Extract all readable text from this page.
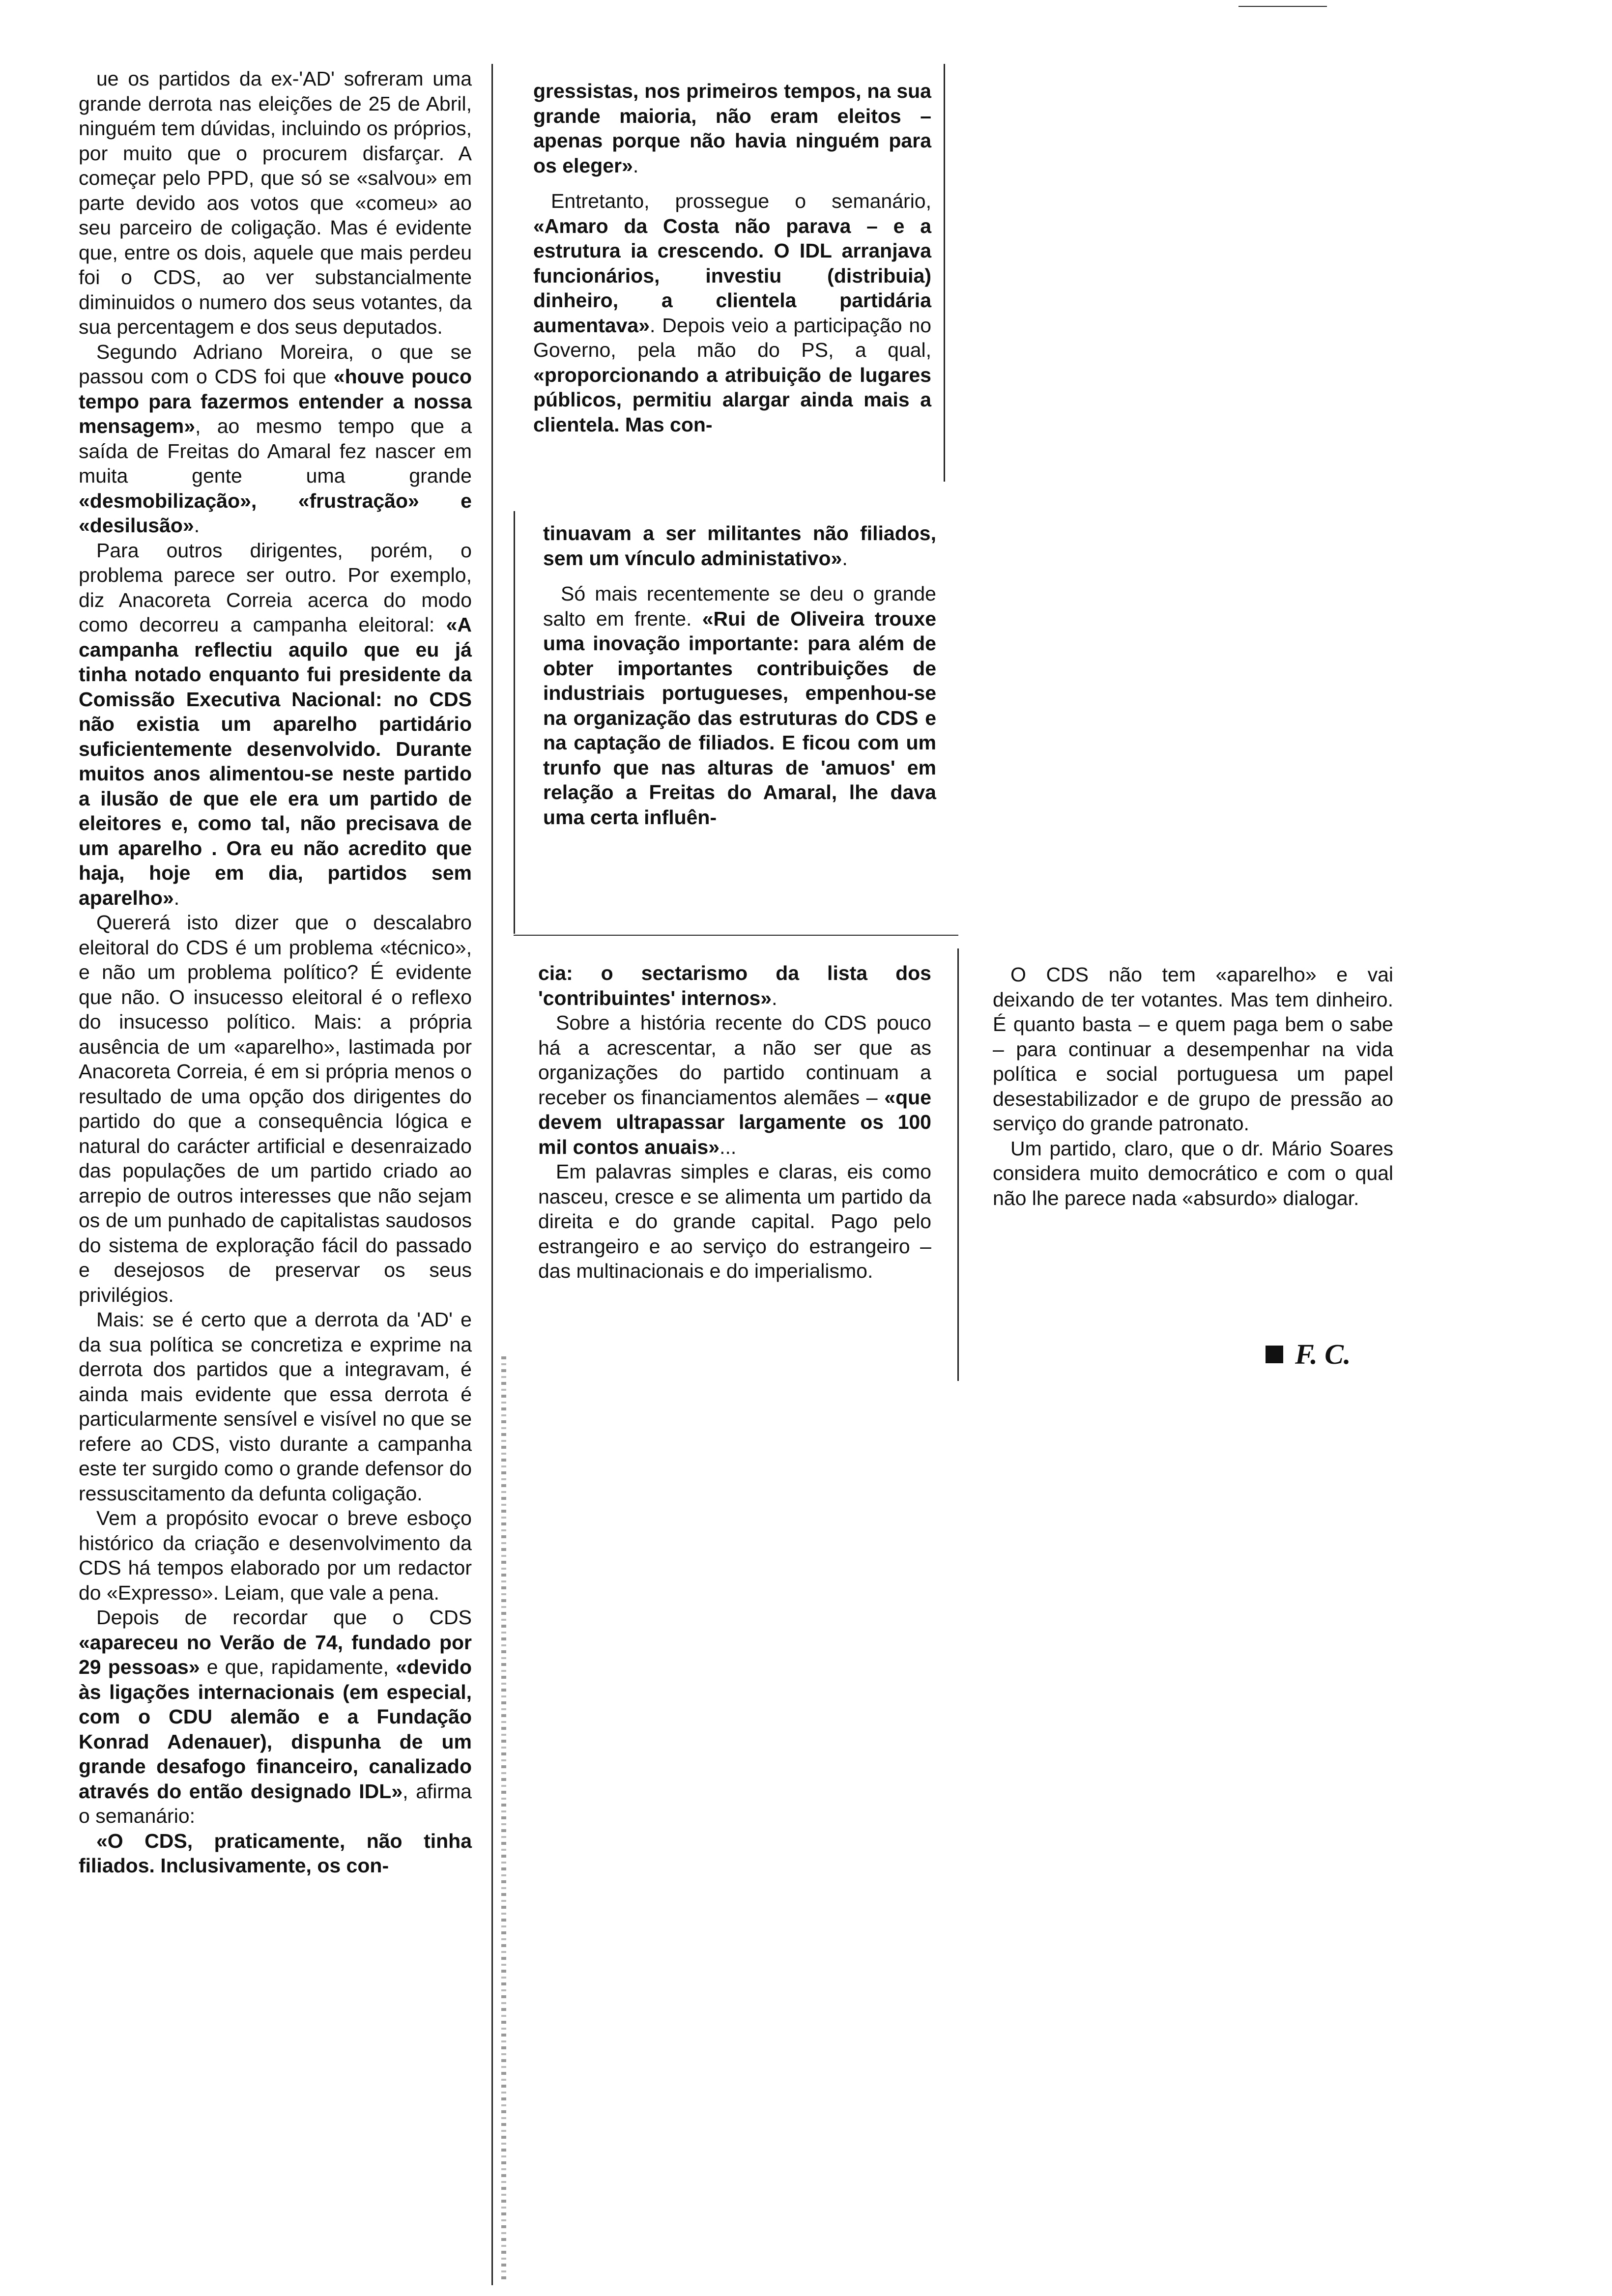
ue os partidos da ex-'AD' sofreram uma grande derrota nas eleições de 25 de Abril, ninguém tem dúvidas, incluindo os próprios, por muito que o procurem disfarçar. A começar pelo PPD, que só se «salvou» em parte devido aos votos que «comeu» ao seu parceiro de coligação. Mas é evidente que, entre os dois, aquele que mais perdeu foi o CDS, ao ver substancialmente diminuidos o numero dos seus votantes, da sua percentagem e dos seus deputados.

Segundo Adriano Moreira, o que se passou com o CDS foi que «houve pouco tempo para fazermos entender a nossa mensagem», ao mesmo tempo que a saída de Freitas do Amaral fez nascer em muita gente uma grande «desmobilização», «frustração» e «desilusão».

Para outros dirigentes, porém, o problema parece ser outro. Por exemplo, diz Anacoreta Correia acerca do modo como decorreu a campanha eleitoral: «A campanha reflectiu aquilo que eu já tinha notado enquanto fui presidente da Comissão Executiva Nacional: no CDS não existia um aparelho partidário suficientemente desenvolvido. Durante muitos anos alimentou-se neste partido a ilusão de que ele era um partido de eleitores e, como tal, não precisava de um aparelho . Ora eu não acredito que haja, hoje em dia, partidos sem aparelho».

Quererá isto dizer que o descalabro eleitoral do CDS é um problema «técnico», e não um problema político? É evidente que não. O insucesso eleitoral é o reflexo do insucesso político. Mais: a própria ausência de um «aparelho», lastimada por Anacoreta Correia, é em si própria menos o resultado de uma opção dos dirigentes do partido do que a consequência lógica e natural do carácter artificial e desenraizado das populações de um partido criado ao arrepio de outros interesses que não sejam os de um punhado de capitalistas saudosos do sistema de exploração fácil do passado e desejosos de preservar os seus privilégios.

Mais: se é certo que a derrota da 'AD' e da sua política se concretiza e exprime na derrota dos partidos que a integravam, é ainda mais evidente que essa derrota é particularmente sensível e visível no que se refere ao CDS, visto durante a campanha este ter surgido como o grande defensor do ressuscitamento da defunta coligação.

Vem a propósito evocar o breve esboço histórico da criação e desenvolvimento da CDS há tempos elaborado por um redactor do «Expresso». Leiam, que vale a pena.

Depois de recordar que o CDS «apareceu no Verão de 74, fundado por 29 pessoas» e que, rapidamente, «devido às ligações internacionais (em especial, com o CDU alemão e a Fundação Konrad Adenauer), dispunha de um grande desafogo financeiro, canalizado através do então designado IDL», afirma o semanário:

«O CDS, praticamente, não tinha filiados. Inclusivamente, os con-

gressistas, nos primeiros tempos, na sua grande maioria, não eram eleitos – apenas porque não havia ninguém para os eleger».

Entretanto, prossegue o semanário, «Amaro da Costa não parava – e a estrutura ia crescendo. O IDL arranjava funcionários, investiu (distribuia) dinheiro, a clientela partidária aumentava». Depois veio a participação no Governo, pela mão do PS, a qual, «proporcionando a atribuição de lugares públicos, permitiu alargar ainda mais a clientela. Mas con-

tinuavam a ser militantes não filiados, sem um vínculo administativo».

Só mais recentemente se deu o grande salto em frente. «Rui de Oliveira trouxe uma inovação importante: para além de obter importantes contribuições de industriais portugueses, empenhou-se na organização das estruturas do CDS e na captação de filiados. E ficou com um trunfo que nas alturas de 'amuos' em relação a Freitas do Amaral, lhe dava uma certa influên-

cia: o sectarismo da lista dos 'contribuintes' internos».

Sobre a história recente do CDS pouco há a acrescentar, a não ser que as organizações do partido continuam a receber os financiamentos alemães – «que devem ultrapassar largamente os 100 mil contos anuais»...

Em palavras simples e claras, eis como nasceu, cresce e se alimenta um partido da direita e do grande capital. Pago pelo estrangeiro e ao serviço do estrangeiro – das multinacionais e do imperialismo.

O CDS não tem «aparelho» e vai deixando de ter votantes. Mas tem dinheiro. É quanto basta – e quem paga bem o sabe – para continuar a desempenhar na vida política e social portuguesa um papel desestabilizador e de grupo de pressão ao serviço do grande patronato.

Um partido, claro, que o dr. Mário Soares considera muito democrático e com o qual não lhe parece nada «absurdo» dialogar.

F. C.
